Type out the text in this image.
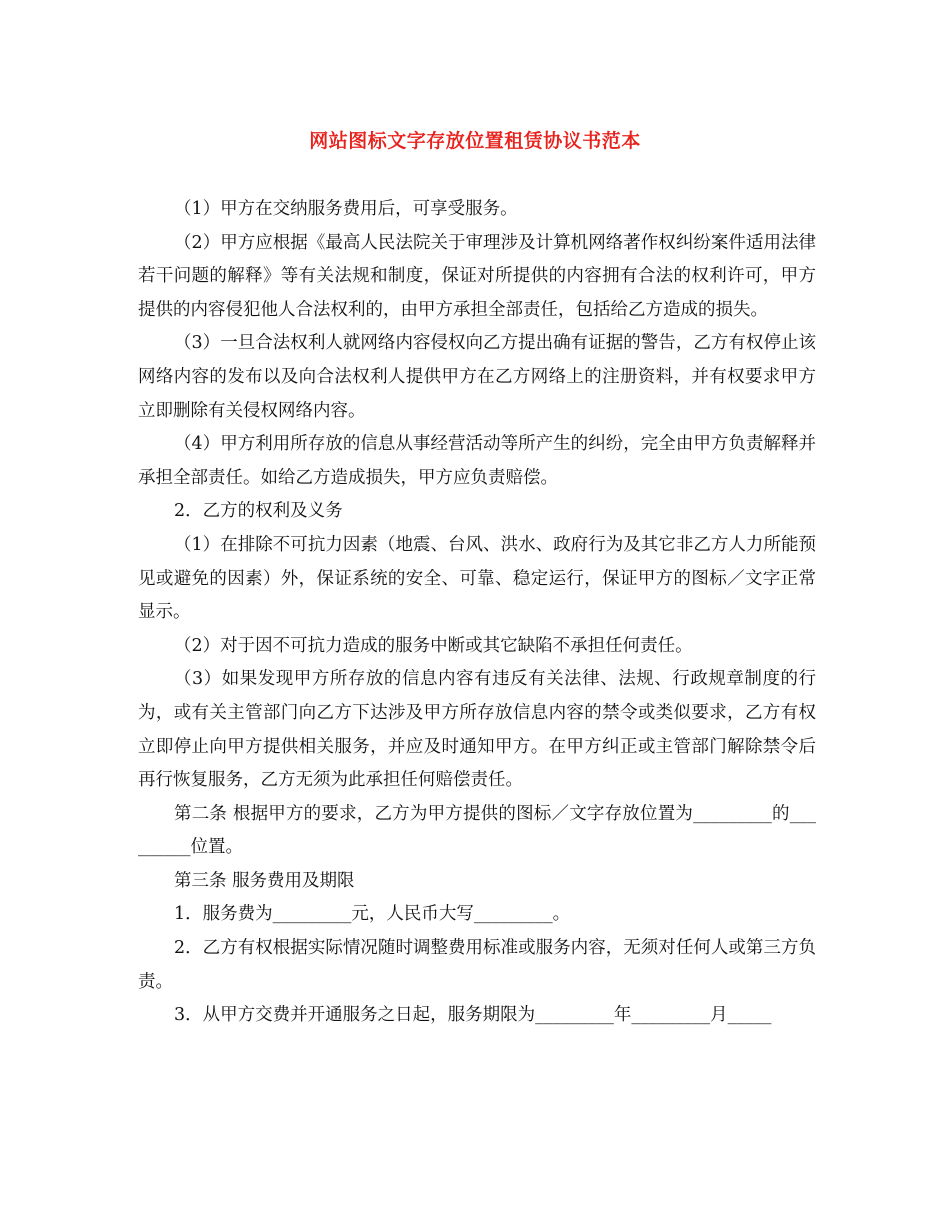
网站图标文字存放位置租赁协议书范本

（1）甲方在交纳服务费用后，可享受服务。

（2）甲方应根据《最高人民法院关于审理涉及计算机网络著作权纠纷案件适用法律若干问题的解释》等有关法规和制度，保证对所提供的内容拥有合法的权利许可，甲方提供的内容侵犯他人合法权利的，由甲方承担全部责任，包括给乙方造成的损失。

（3）一旦合法权利人就网络内容侵权向乙方提出确有证据的警告，乙方有权停止该网络内容的发布以及向合法权利人提供甲方在乙方网络上的注册资料，并有权要求甲方立即删除有关侵权网络内容。

（4）甲方利用所存放的信息从事经营活动等所产生的纠纷，完全由甲方负责解释并承担全部责任。如给乙方造成损失，甲方应负责赔偿。

2．乙方的权利及义务

（1）在排除不可抗力因素（地震、台风、洪水、政府行为及其它非乙方人力所能预见或避免的因素）外，保证系统的安全、可靠、稳定运行，保证甲方的图标／文字正常显示。

（2）对于因不可抗力造成的服务中断或其它缺陷不承担任何责任。

（3）如果发现甲方所存放的信息内容有违反有关法律、法规、行政规章制度的行为，或有关主管部门向乙方下达涉及甲方所存放信息内容的禁令或类似要求，乙方有权立即停止向甲方提供相关服务，并应及时通知甲方。在甲方纠正或主管部门解除禁令后再行恢复服务，乙方无须为此承担任何赔偿责任。

第二条 根据甲方的要求，乙方为甲方提供的图标／文字存放位置为_________的_________位置。

第三条 服务费用及期限

1．服务费为_________元，人民币大写_________。

2．乙方有权根据实际情况随时调整费用标准或服务内容，无须对任何人或第三方负责。

3．从甲方交费并开通服务之日起，服务期限为_________年_________月_____
